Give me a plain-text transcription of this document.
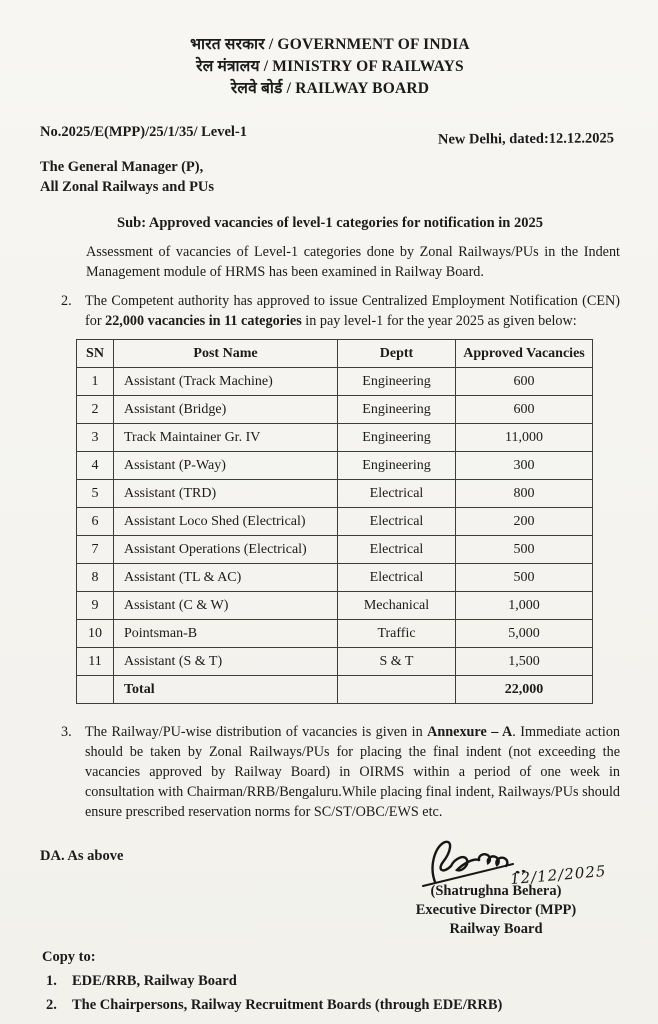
भारत सरकार / GOVERNMENT OF INDIA
रेल मंत्रालय / MINISTRY OF RAILWAYS
रेलवे बोर्ड / RAILWAY BOARD
No.2025/E(MPP)/25/1/35/ Level-1	New Delhi, dated:12.12.2025
The General Manager (P),
All Zonal Railways and PUs
Sub: Approved vacancies of level-1 categories for notification in 2025
Assessment of vacancies of Level-1 categories done by Zonal Railways/PUs in the Indent Management module of HRMS has been examined in Railway Board.
2. The Competent authority has approved to issue Centralized Employment Notification (CEN) for 22,000 vacancies in 11 categories in pay level-1 for the year 2025 as given below:
SN	Post Name	Deptt	Approved Vacancies
1	Assistant (Track Machine)	Engineering	600
2	Assistant (Bridge)	Engineering	600
3	Track Maintainer Gr. IV	Engineering	11,000
4	Assistant (P-Way)	Engineering	300
5	Assistant (TRD)	Electrical	800
6	Assistant Loco Shed (Electrical)	Electrical	200
7	Assistant Operations (Electrical)	Electrical	500
8	Assistant (TL & AC)	Electrical	500
9	Assistant (C & W)	Mechanical	1,000
10	Pointsman-B	Traffic	5,000
11	Assistant (S & T)	S & T	1,500
	Total		22,000
3. The Railway/PU-wise distribution of vacancies is given in Annexure – A. Immediate action should be taken by Zonal Railways/PUs for placing the final indent (not exceeding the vacancies approved by Railway Board) in OIRMS within a period of one week in consultation with Chairman/RRB/Bengaluru.While placing final indent, Railways/PUs should ensure prescribed reservation norms for SC/ST/OBC/EWS etc.
DA. As above
12/12/2025
(Shatrughna Behera)
Executive Director (MPP)
Railway Board
Copy to:
1.	EDE/RRB, Railway Board
2.	The Chairpersons, Railway Recruitment Boards (through EDE/RRB)
